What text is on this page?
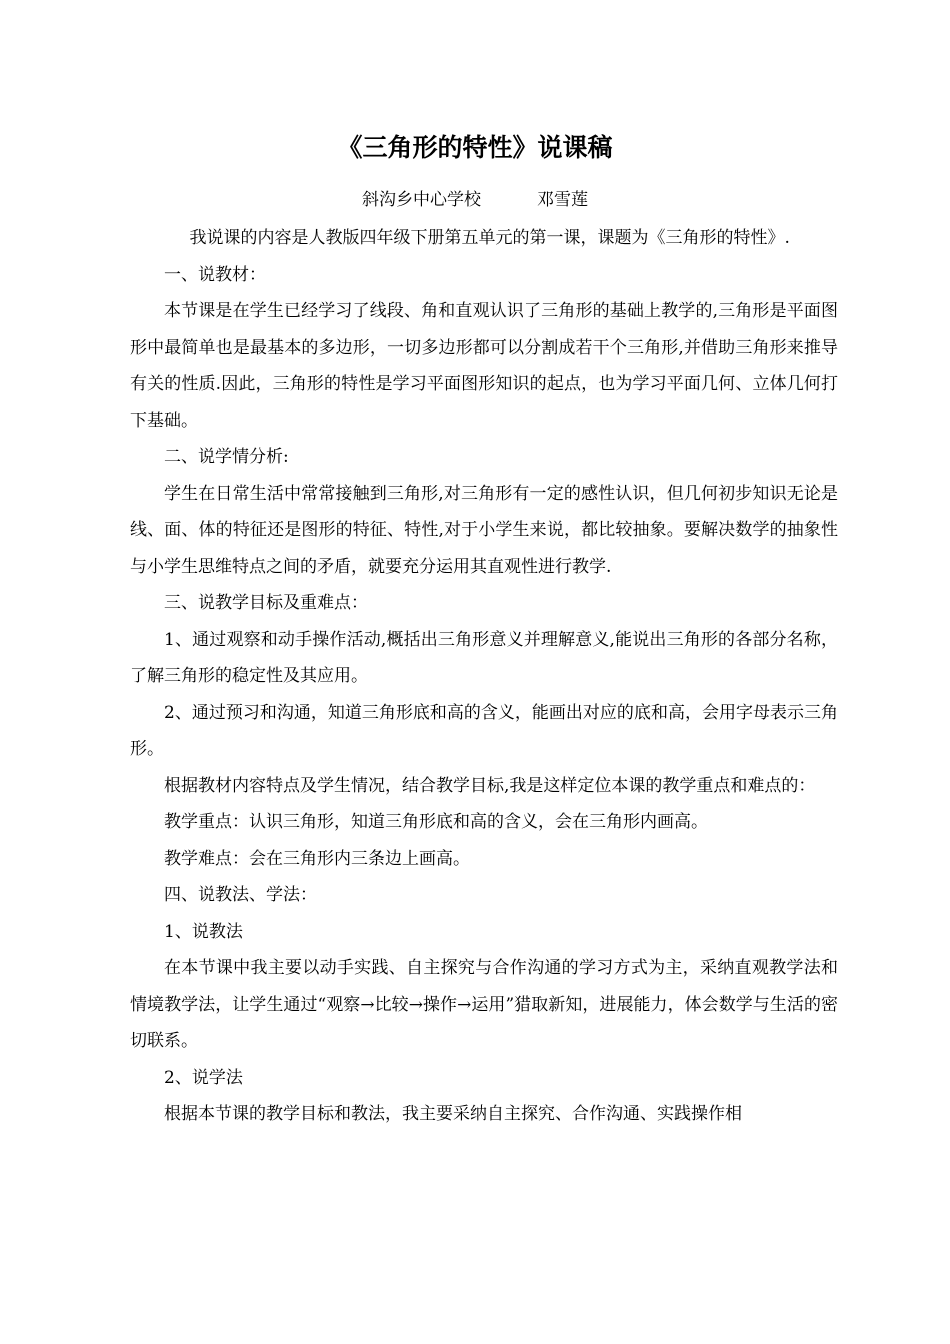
《三角形的特性》说课稿
斜沟乡中心学校	邓雪莲

我说课的内容是人教版四年级下册第五单元的第一课，课题为《三角形的特性》.

一、说教材：

本节课是在学生已经学习了线段、角和直观认识了三角形的基础上教学的,三角形是平面图形中最简单也是最基本的多边形，一切多边形都可以分割成若干个三角形,并借助三角形来推导有关的性质.因此，三角形的特性是学习平面图形知识的起点，也为学习平面几何、立体几何打下基础。

二、说学情分析:

学生在日常生活中常常接触到三角形,对三角形有一定的感性认识，但几何初步知识无论是线、面、体的特征还是图形的特征、特性,对于小学生来说，都比较抽象。要解决数学的抽象性与小学生思维特点之间的矛盾，就要充分运用其直观性进行教学.

三、说教学目标及重难点：

1、通过观察和动手操作活动,概括出三角形意义并理解意义,能说出三角形的各部分名称，了解三角形的稳定性及其应用。

2、通过预习和沟通，知道三角形底和高的含义，能画出对应的底和高，会用字母表示三角形。

根据教材内容特点及学生情况，结合教学目标,我是这样定位本课的教学重点和难点的：

教学重点：认识三角形，知道三角形底和高的含义，会在三角形内画高。

教学难点：会在三角形内三条边上画高。

四、说教法、学法：

1、说教法

在本节课中我主要以动手实践、自主探究与合作沟通的学习方式为主，采纳直观教学法和情境教学法，让学生通过“观察→比较→操作→运用”猎取新知，进展能力，体会数学与生活的密切联系。

2、说学法

根据本节课的教学目标和教法，我主要采纳自主探究、合作沟通、实践操作相
